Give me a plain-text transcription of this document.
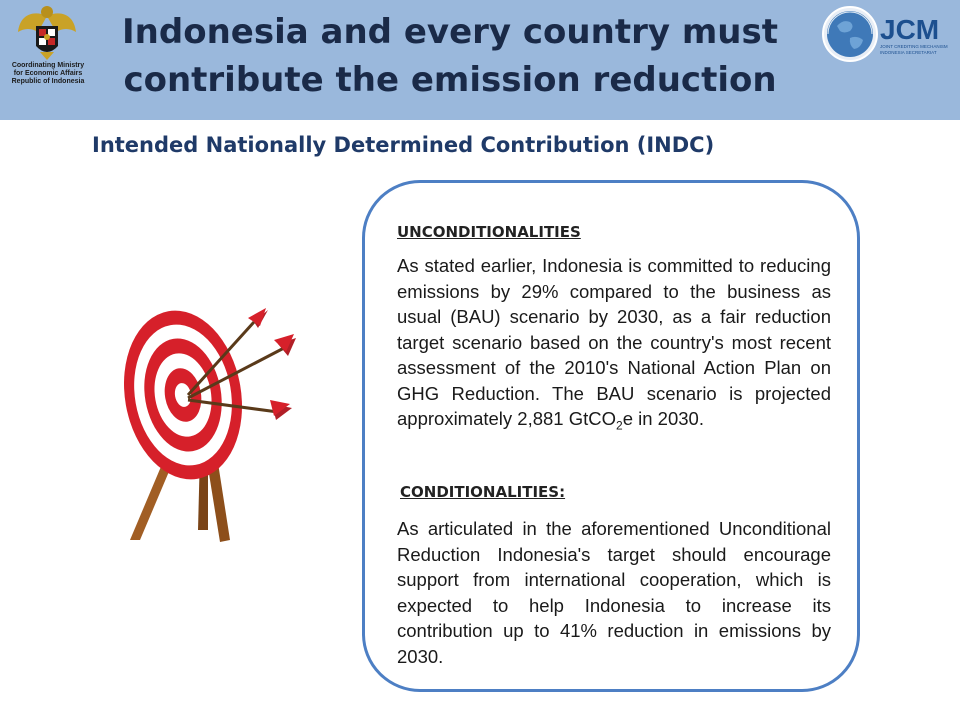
Coordinating Ministry
for Economic Affairs
Republic of Indonesia
Indonesia and every country must contribute the emission reduction
JCM
JOINT CREDITING MECHANISM
INDONESIA SECRETARIAT
Intended Nationally Determined Contribution (INDC)
UNCONDITIONALITIES

As stated earlier, Indonesia is committed to reducing emissions by 29% compared to the business as usual (BAU) scenario by 2030, as a fair reduction target scenario based on the country's most recent assessment of the 2010's National Action Plan on GHG Reduction. The BAU scenario is projected approximately 2,881 GtCO$_2$e in 2030.

CONDITIONALITIES:

As articulated in the aforementioned Unconditional Reduction Indonesia's target should encourage support from international cooperation, which is expected to help Indonesia to increase its contribution up to 41% reduction in emissions by 2030.
